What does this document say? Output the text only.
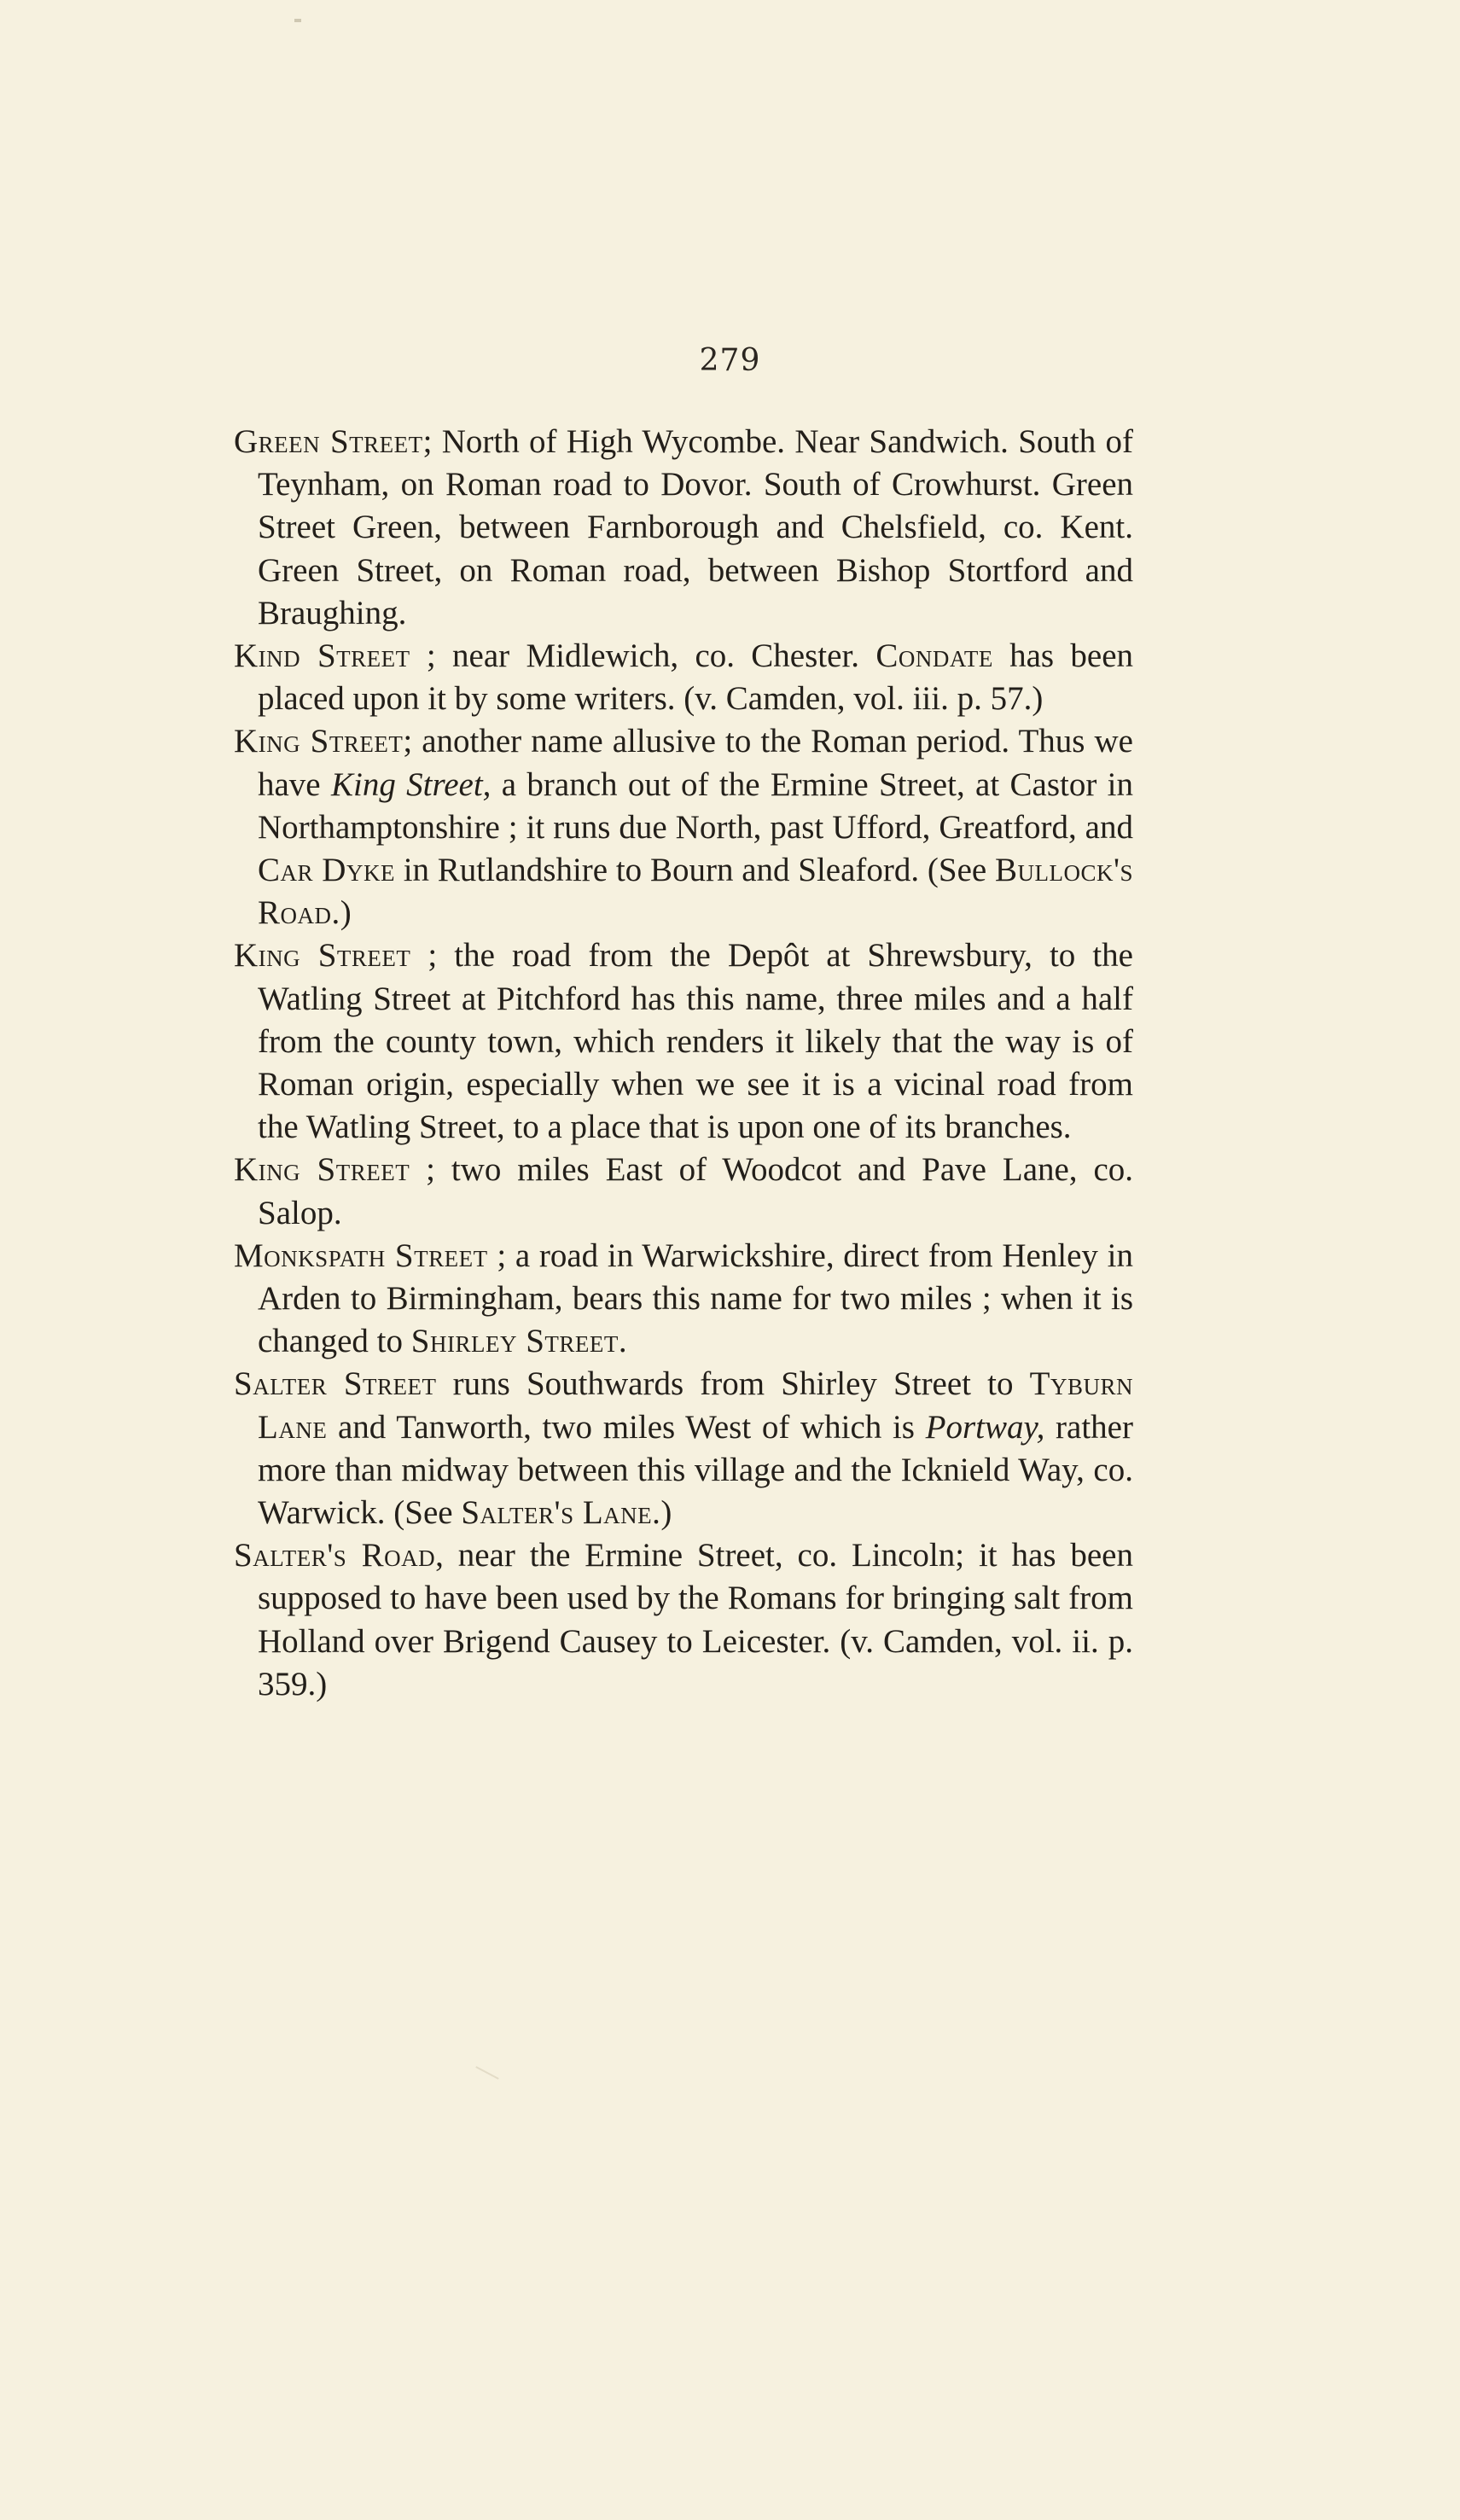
279

Green Street; North of High Wycombe. Near Sandwich. South of Teynham, on Roman road to Dovor. South of Crowhurst. Green Street Green, between Farnborough and Chelsfield, co. Kent. Green Street, on Roman road, between Bishop Stortford and Braughing.

Kind Street ; near Midlewich, co. Chester. Condate has been placed upon it by some writers. (v. Camden, vol. iii. p. 57.)

King Street; another name allusive to the Roman period. Thus we have King Street, a branch out of the Ermine Street, at Castor in Northamptonshire ; it runs due North, past Ufford, Greatford, and Car Dyke in Rutlandshire to Bourn and Sleaford. (See Bullock's Road.)

King Street ; the road from the Depôt at Shrewsbury, to the Watling Street at Pitchford has this name, three miles and a half from the county town, which renders it likely that the way is of Roman origin, especially when we see it is a vicinal road from the Watling Street, to a place that is upon one of its branches.

King Street ; two miles East of Woodcot and Pave Lane, co. Salop.

Monkspath Street ; a road in Warwickshire, direct from Henley in Arden to Birmingham, bears this name for two miles ; when it is changed to Shirley Street.

Salter Street runs Southwards from Shirley Street to Tyburn Lane and Tanworth, two miles West of which is Portway, rather more than midway between this village and the Icknield Way, co. Warwick. (See Salter's Lane.)

Salter's Road, near the Ermine Street, co. Lincoln; it has been supposed to have been used by the Romans for bringing salt from Holland over Brigend Causey to Leicester. (v. Camden, vol. ii. p. 359.)
